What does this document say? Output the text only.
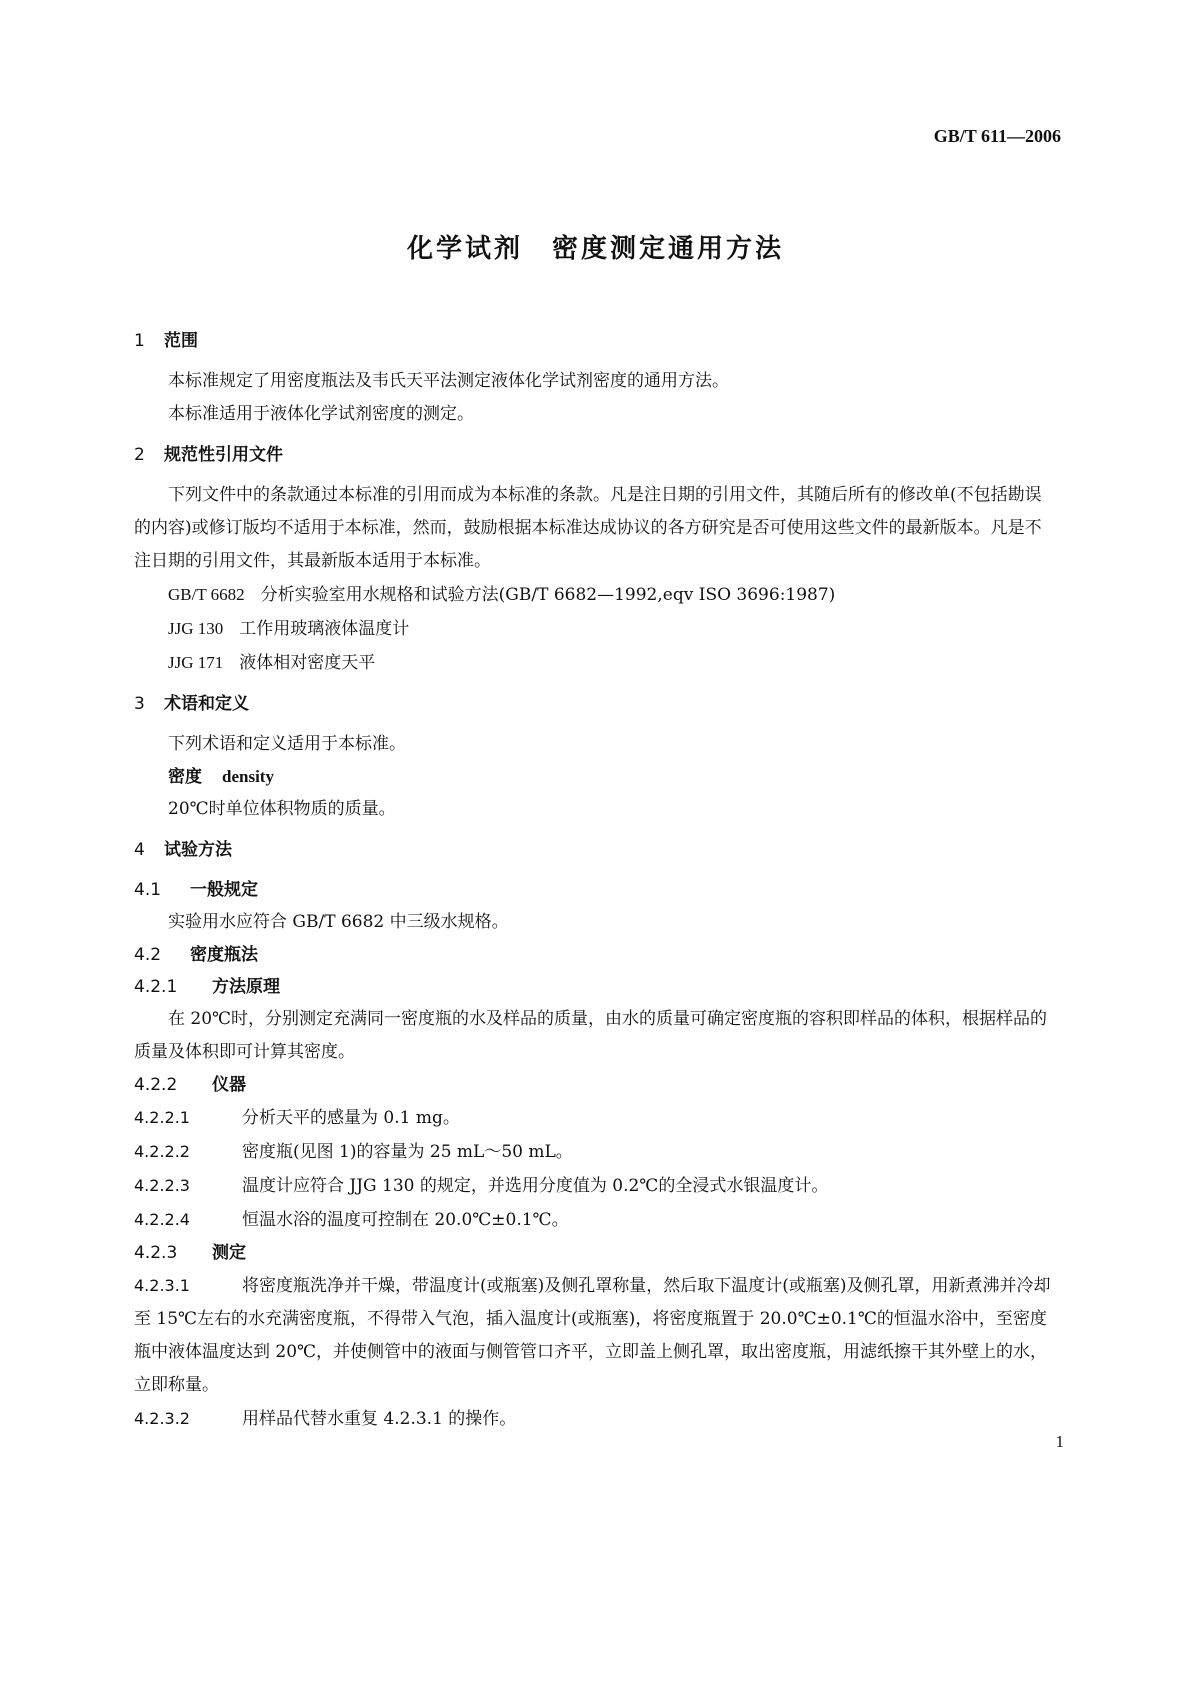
GB/T 611—2006
化学试剂　密度测定通用方法
1 范围
本标准规定了用密度瓶法及韦氏天平法测定液体化学试剂密度的通用方法。
本标准适用于液体化学试剂密度的测定。
2 规范性引用文件
下列文件中的条款通过本标准的引用而成为本标准的条款。凡是注日期的引用文件，其随后所有的修改单(不包括勘误的内容)或修订版均不适用于本标准，然而，鼓励根据本标准达成协议的各方研究是否可使用这些文件的最新版本。凡是不注日期的引用文件，其最新版本适用于本标准。
GB/T 6682 分析实验室用水规格和试验方法(GB/T 6682—1992,eqv ISO 3696:1987)
JJG 130 工作用玻璃液体温度计
JJG 171 液体相对密度天平
3 术语和定义
下列术语和定义适用于本标准。
密度 density
20℃时单位体积物质的质量。
4 试验方法
4.1 一般规定
实验用水应符合 GB/T 6682 中三级水规格。
4.2 密度瓶法
4.2.1 方法原理
在 20℃时，分别测定充满同一密度瓶的水及样品的质量，由水的质量可确定密度瓶的容积即样品的体积，根据样品的质量及体积即可计算其密度。
4.2.2 仪器
4.2.2.1	分析天平的感量为 0.1 mg。
4.2.2.2	密度瓶(见图 1)的容量为 25 mL～50 mL。
4.2.2.3	温度计应符合 JJG 130 的规定，并选用分度值为 0.2℃的全浸式水银温度计。
4.2.2.4	恒温水浴的温度可控制在 20.0℃±0.1℃。
4.2.3 测定
4.2.3.1	将密度瓶洗净并干燥，带温度计(或瓶塞)及侧孔罩称量，然后取下温度计(或瓶塞)及侧孔罩，用新煮沸并冷却至 15℃左右的水充满密度瓶，不得带入气泡，插入温度计(或瓶塞)，将密度瓶置于 20.0℃±0.1℃的恒温水浴中，至密度瓶中液体温度达到 20℃，并使侧管中的液面与侧管管口齐平，立即盖上侧孔罩，取出密度瓶，用滤纸擦干其外壁上的水，立即称量。
4.2.3.2	用样品代替水重复 4.2.3.1 的操作。
1
